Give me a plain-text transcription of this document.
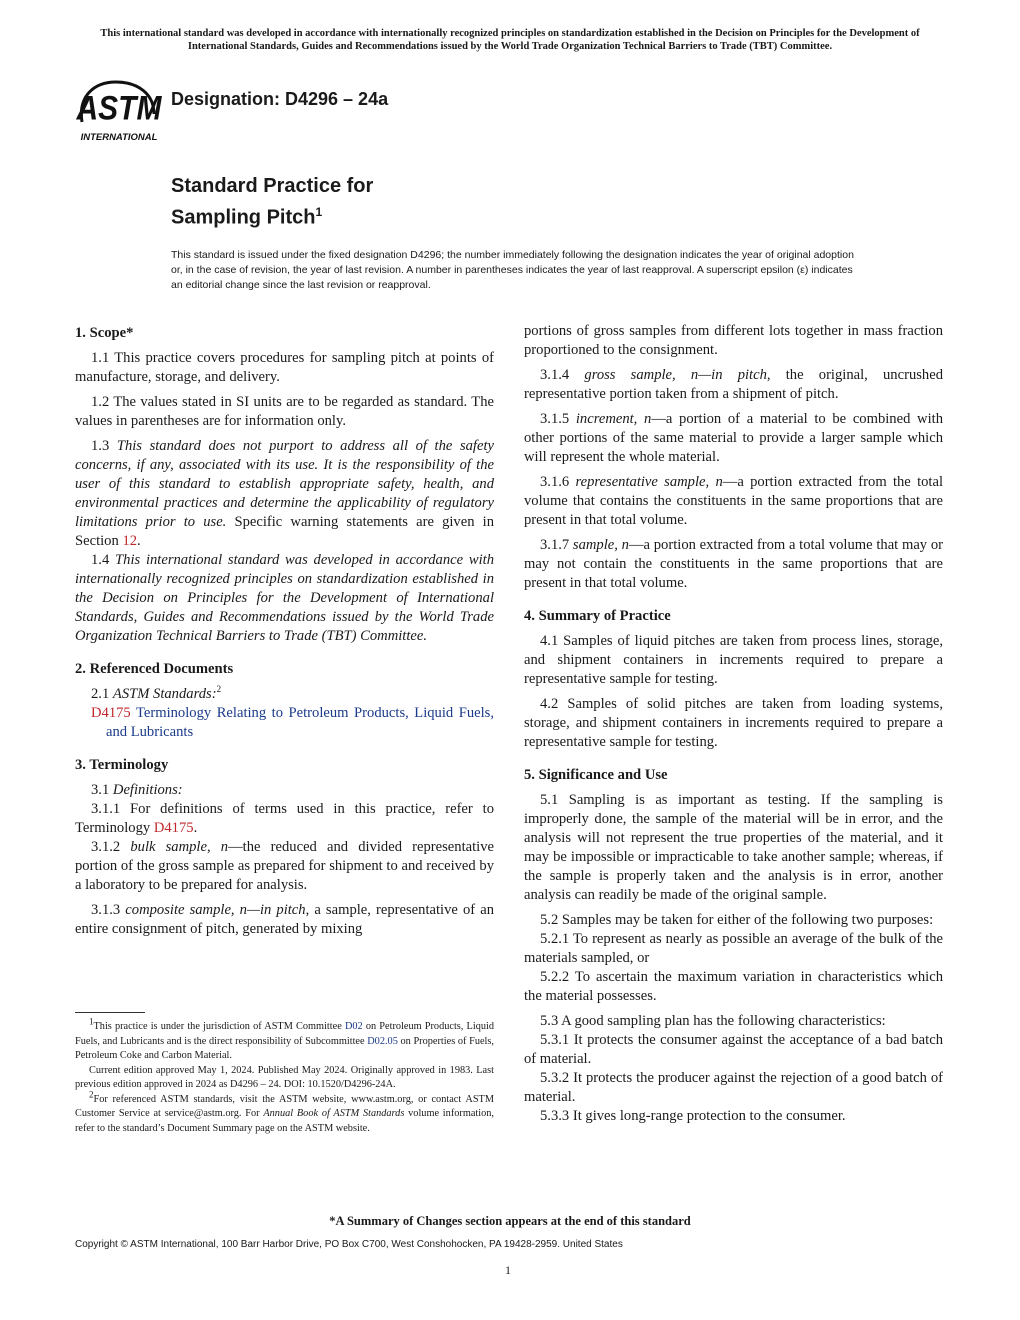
This international standard was developed in accordance with internationally recognized principles on standardization established in the Decision on Principles for the Development of International Standards, Guides and Recommendations issued by the World Trade Organization Technical Barriers to Trade (TBT) Committee.
ASTM
INTERNATIONAL
Designation: D4296 – 24a
Standard Practice for
Sampling Pitch$^1$
This standard is issued under the fixed designation D4296; the number immediately following the designation indicates the year of original adoption or, in the case of revision, the year of last revision. A number in parentheses indicates the year of last reapproval. A superscript epsilon (ε) indicates an editorial change since the last revision or reapproval.
1. Scope*

1.1 This practice covers procedures for sampling pitch at points of manufacture, storage, and delivery.

1.2 The values stated in SI units are to be regarded as standard. The values in parentheses are for information only.

1.3 This standard does not purport to address all of the safety concerns, if any, associated with its use. It is the responsibility of the user of this standard to establish appropriate safety, health, and environmental practices and determine the applicability of regulatory limitations prior to use. Specific warning statements are given in Section 12.

1.4 This international standard was developed in accordance with internationally recognized principles on standardization established in the Decision on Principles for the Development of International Standards, Guides and Recommendations issued by the World Trade Organization Technical Barriers to Trade (TBT) Committee.

2. Referenced Documents

2.1 ASTM Standards:$^2$

D4175 Terminology Relating to Petroleum Products, Liquid Fuels, and Lubricants

3. Terminology

3.1 Definitions:

3.1.1 For definitions of terms used in this practice, refer to Terminology D4175.

3.1.2 bulk sample, n—the reduced and divided representative portion of the gross sample as prepared for shipment to and received by a laboratory to be prepared for analysis.

3.1.3 composite sample, n—in pitch, a sample, representative of an entire consignment of pitch, generated by mixing

$^1$This practice is under the jurisdiction of ASTM Committee D02 on Petroleum Products, Liquid Fuels, and Lubricants and is the direct responsibility of Subcommittee D02.05 on Properties of Fuels, Petroleum Coke and Carbon Material.

Current edition approved May 1, 2024. Published May 2024. Originally approved in 1983. Last previous edition approved in 2024 as D4296 – 24. DOI: 10.1520/D4296-24A.

$^2$For referenced ASTM standards, visit the ASTM website, www.astm.org, or contact ASTM Customer Service at service@astm.org. For Annual Book of ASTM Standards volume information, refer to the standard’s Document Summary page on the ASTM website.

portions of gross samples from different lots together in mass fraction proportioned to the consignment.

3.1.4 gross sample, n—in pitch, the original, uncrushed representative portion taken from a shipment of pitch.

3.1.5 increment, n—a portion of a material to be combined with other portions of the same material to provide a larger sample which will represent the whole material.

3.1.6 representative sample, n—a portion extracted from the total volume that contains the constituents in the same proportions that are present in that total volume.

3.1.7 sample, n—a portion extracted from a total volume that may or may not contain the constituents in the same proportions that are present in that total volume.

4. Summary of Practice

4.1 Samples of liquid pitches are taken from process lines, storage, and shipment containers in increments required to prepare a representative sample for testing.

4.2 Samples of solid pitches are taken from loading systems, storage, and shipment containers in increments required to prepare a representative sample for testing.

5. Significance and Use

5.1 Sampling is as important as testing. If the sampling is improperly done, the sample of the material will be in error, and the analysis will not represent the true properties of the material, and it may be impossible or impracticable to take another sample; whereas, if the sample is properly taken and the analysis is in error, another analysis can readily be made of the original sample.

5.2 Samples may be taken for either of the following two purposes:

5.2.1 To represent as nearly as possible an average of the bulk of the materials sampled, or

5.2.2 To ascertain the maximum variation in characteristics which the material possesses.

5.3 A good sampling plan has the following characteristics:

5.3.1 It protects the consumer against the acceptance of a bad batch of material.

5.3.2 It protects the producer against the rejection of a good batch of material.

5.3.3 It gives long-range protection to the consumer.

*A Summary of Changes section appears at the end of this standard
Copyright © ASTM International, 100 Barr Harbor Drive, PO Box C700, West Conshohocken, PA 19428-2959. United States
1
